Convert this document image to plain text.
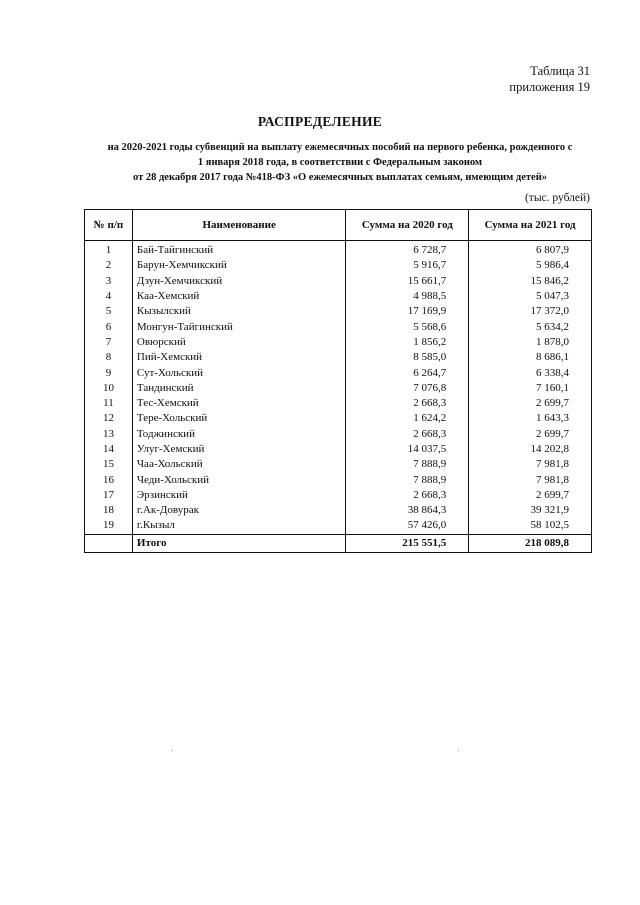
Таблица 31
приложения 19
РАСПРЕДЕЛЕНИЕ
на 2020-2021 годы субвенций на выплату ежемесячных пособий на первого ребенка, рожденного с
1 января 2018 года, в соответствии с Федеральным законом
от 28 декабря 2017 года №418-ФЗ «О ежемесячных выплатах семьям, имеющим детей»
(тыс. рублей)
№ п/п	Наименование	Сумма на 2020 год	Сумма на 2021 год
1	Бай-Тайгинский	6 728,7	6 807,9
2	Барун-Хемчикский	5 916,7	5 986,4
3	Дзун-Хемчикский	15 661,7	15 846,2
4	Каа-Хемский	4 988,5	5 047,3
5	Кызылский	17 169,9	17 372,0
6	Монгун-Тайгинский	5 568,6	5 634,2
7	Овюрский	1 856,2	1 878,0
8	Пий-Хемский	8 585,0	8 686,1
9	Сут-Хольский	6 264,7	6 338,4
10	Тандинский	7 076,8	7 160,1
11	Тес-Хемский	2 668,3	2 699,7
12	Тере-Хольский	1 624,2	1 643,3
13	Тоджинский	2 668,3	2 699,7
14	Улуг-Хемский	14 037,5	14 202,8
15	Чаа-Хольский	7 888,9	7 981,8
16	Чеди-Хольский	7 888,9	7 981,8
17	Эрзинский	2 668,3	2 699,7
18	г.Ак-Довурак	38 864,3	39 321,9
19	г.Кызыл	57 426,0	58 102,5
	Итого	215 551,5	218 089,8
